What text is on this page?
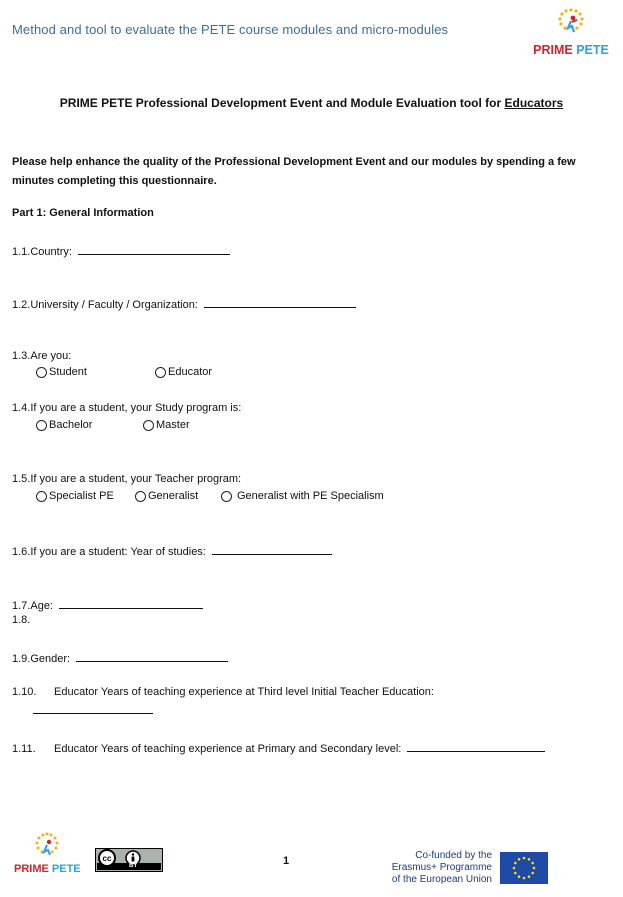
Method and tool to evaluate the PETE course modules and micro-modules
PRIME PETE
PRIME PETE Professional Development Event and Module Evaluation tool for Educators
Please help enhance the quality of the Professional Development Event and our modules by spending a few minutes completing this questionnaire.
Part 1: General Information
1.1.Country:
1.2.University / Faculty / Organization:
1.3.Are you:
Student	Educator
1.4.If you are a student, your Study program is:
Bachelor	Master
1.5.If you are a student, your Teacher program:
Specialist PE	Generalist	Generalist with PE Specialism
1.6.If you are a student: Year of studies:
1.7.Age:
1.8.
1.9.Gender:
1.10. Educator Years of teaching experience at Third level Initial Teacher Education:
1.11. Educator Years of teaching experience at Primary and Secondary level:
PRIME PETE
cc
BY	1	Co-funded by the
Erasmus+ Programme
of the European Union
